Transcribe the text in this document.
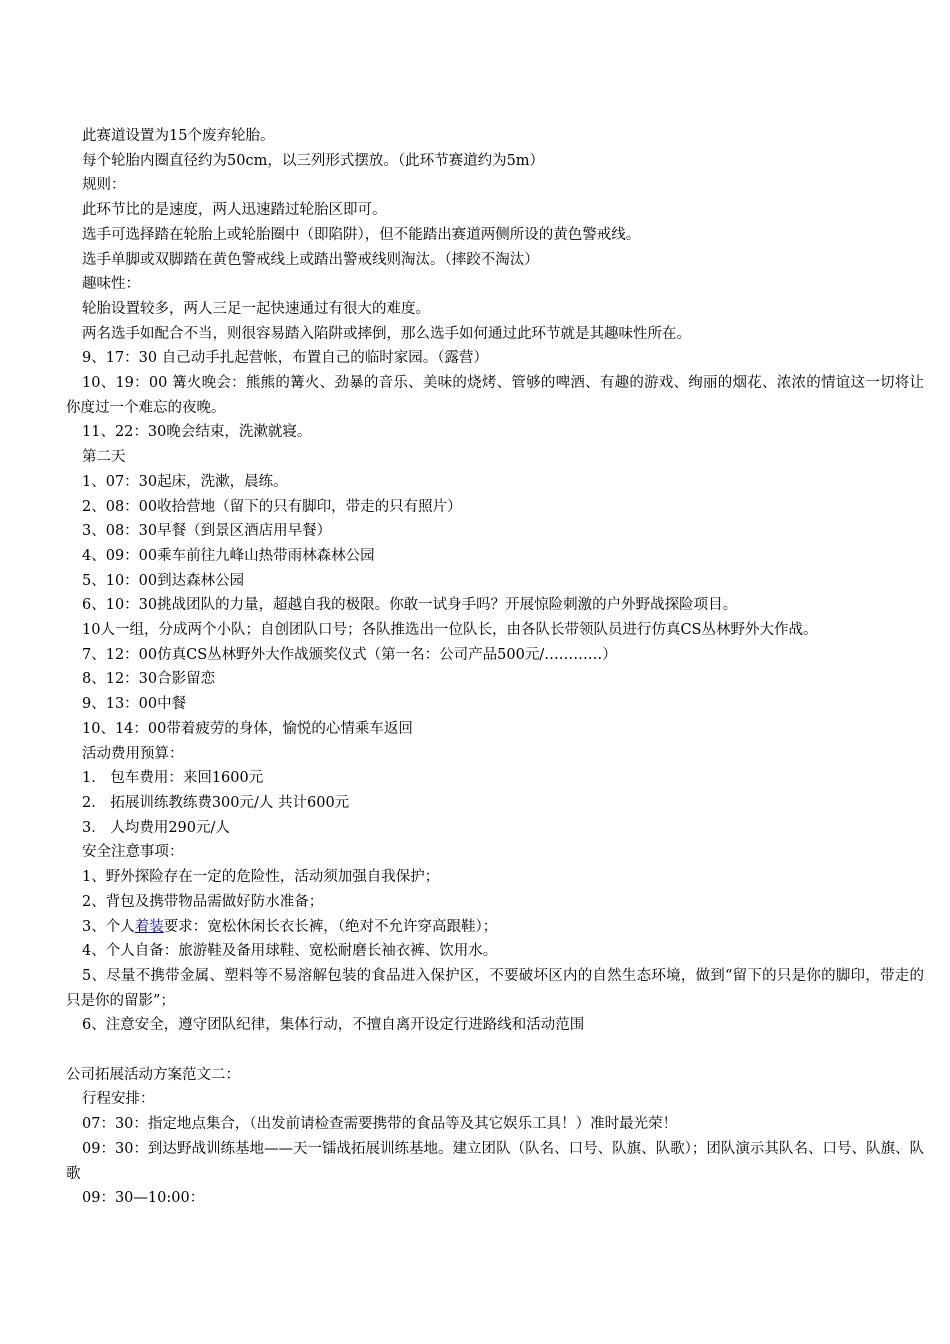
此赛道设置为15个废弃轮胎。

每个轮胎内圈直径约为50cm，以三列形式摆放。（此环节赛道约为5m）

规则：

此环节比的是速度，两人迅速踏过轮胎区即可。

选手可选择踏在轮胎上或轮胎圈中（即陷阱），但不能踏出赛道两侧所设的黄色警戒线。

选手单脚或双脚踏在黄色警戒线上或踏出警戒线则淘汰。（摔跤不淘汰）

趣味性：

轮胎设置较多，两人三足一起快速通过有很大的难度。

两名选手如配合不当，则很容易踏入陷阱或摔倒，那么选手如何通过此环节就是其趣味性所在。

9、17：30 自己动手扎起营帐，布置自己的临时家园。（露营）

10、19：00 篝火晚会：熊熊的篝火、劲暴的音乐、美味的烧烤、管够的啤酒、有趣的游戏、绚丽的烟花、浓浓的情谊这一切将让你度过一个难忘的夜晚。

11、22：30晚会结束，洗漱就寝。

第二天

1、07：30起床，洗漱，晨练。

2、08：00收拾营地（留下的只有脚印，带走的只有照片）

3、08：30早餐（到景区酒店用早餐）

4、09：00乘车前往九峰山热带雨林森林公园

5、10：00到达森林公园

6、10：30挑战团队的力量，超越自我的极限。你敢一试身手吗？开展惊险刺激的户外野战探险项目。

10人一组，分成两个小队；自创团队口号；各队推选出一位队长，由各队长带领队员进行仿真CS丛林野外大作战。

7、12：00仿真CS丛林野外大作战颁奖仪式（第一名：公司产品500元/…………）

8、12：30合影留恋

9、13：00中餐

10、14：00带着疲劳的身体，愉悦的心情乘车返回

活动费用预算：

1． 包车费用：来回1600元

2． 拓展训练教练费300元/人 共计600元

3． 人均费用290元/人

安全注意事项：

1、野外探险存在一定的危险性，活动须加强自我保护；

2、背包及携带物品需做好防水准备；

3、个人着装要求：宽松休闲长衣长裤，（绝对不允许穿高跟鞋）；

4、个人自备：旅游鞋及备用球鞋、宽松耐磨长袖衣裤、饮用水。

5、尽量不携带金属、塑料等不易溶解包装的食品进入保护区，不要破坏区内的自然生态环境，做到“留下的只是你的脚印，带走的只是你的留影”；

6、注意安全，遵守团队纪律，集体行动，不擅自离开设定行进路线和活动范围

公司拓展活动方案范文二：

行程安排：

07：30：指定地点集合，（出发前请检查需要携带的食品等及其它娱乐工具！）准时最光荣！

09：30：到达野战训练基地——天一镭战拓展训练基地。建立团队（队名、口号、队旗、队歌）；团队演示其队名、口号、队旗、队歌

09：30—10:00：
